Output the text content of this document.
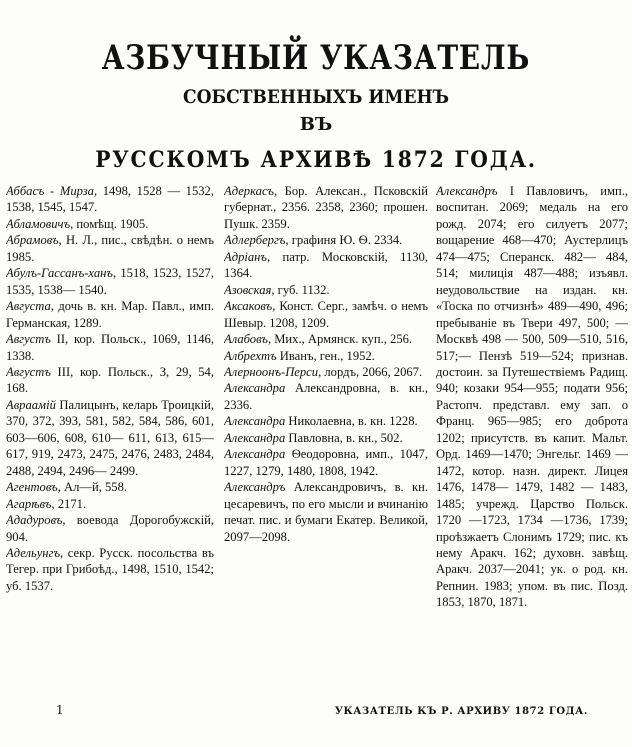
АЗБУЧНЫЙ УКАЗАТЕЛЬ
СОБСТВЕННЫХЪ ИМЕНЪ
ВЪ
РУССКОМЪ АРХИВѢ 1872 ГОДА.

Аббасъ - Мирза, 1498, 1528 — 1532, 1538, 1545, 1547.

Абламовичъ, помѣщ. 1905.

Абрамовъ, Н. Л., пис., свѣдѣн. о немъ 1985.

Абулъ-Гассанъ-ханъ, 1518, 1523, 1527, 1535, 1538— 1540.

Августа, дочь в. кн. Мар. Павл., имп. Германская, 1289.

Августъ II, кор. Польск., 1069, 1146, 1338.

Августъ III, кор. Польск., 3, 29, 54, 168.

Авраамій Палицынъ, келарь Троицкій, 370, 372, 393, 581, 582, 584, 586, 601, 603—606, 608, 610— 611, 613, 615—617, 919, 2473, 2475, 2476, 2483, 2484, 2488, 2494, 2496— 2499.

Агентовъ, Ал—й, 558.

Агарѣвъ, 2171.

Ададуровъ, воевода Дорогобужскій, 904.

Адельунгъ, секр. Русск. посольства въ Тегер. при Грибоѣд., 1498, 1510, 1542; уб. 1537.

Адеркасъ, Бор. Алексан., Псковскій губернат., 2356. 2358, 2360; прошен. Пушк. 2359.

Адлербергъ, графиня Ю. Ѳ. 2334.

Адріанъ, патр. Московскій, 1130, 1364.

Азовская, губ. 1132.

Аксаковъ, Конст. Серг., замѣч. о немъ Шевыр. 1208, 1209.

Алабовъ, Мих., Армянск. куп., 256.

Албрехтъ Иванъ, ген., 1952.

Алерноонъ-Перси, лордъ, 2066, 2067.

Александра Александровна, в. кн., 2336.

Александра Николаевна, в. кн. 1228.

Александра Павловна, в. кн., 502.

Александра Ѳеодоровна, имп., 1047, 1227, 1279, 1480, 1808, 1942.

Александръ Александровичъ, в. кн. цесаревичъ, по его мысли и вчинанію печат. пис. и бумаги Екатер. Великой, 2097—2098.

Александръ I Павловичъ, имп., воспитан. 2069; медаль на его рожд. 2074; его силуетъ 2077; вощарение 468—470; Аустерлицъ 474—475; Сперанск. 482— 484, 514; милиція 487—488; изъявл. неудовольствие на издан. кн. «Тоска по отчизнѣ» 489—490, 496; пребываніе въ Твери 497, 500; — Москвѣ 498 — 500, 509—510, 516, 517;— Пензѣ 519—524; признав. достоин. за Путешествіемъ Радищ. 940; козаки 954—955; подати 956; Растопч. представл. ему зап. о Франц. 965—985; его доброта 1202; присутств. въ капит. Мальт. Орд. 1469—1470; Энгельг. 1469 — 1472, котор. назн. директ. Лицея 1476, 1478— 1479, 1482 — 1483, 1485; учрежд. Царство Польск. 1720 —1723, 1734 —1736, 1739; проѣзжаетъ Слонимъ 1729; пис. къ нему Аракч. 162; духовн. завѣщ. Аракч. 2037—2041; ук. о род. кн. Репнин. 1983; упом. въ пис. Позд. 1853, 1870, 1871.

1	УКАЗАТЕЛЬ КЪ Р. АРХИВУ 1872 ГОДА.
